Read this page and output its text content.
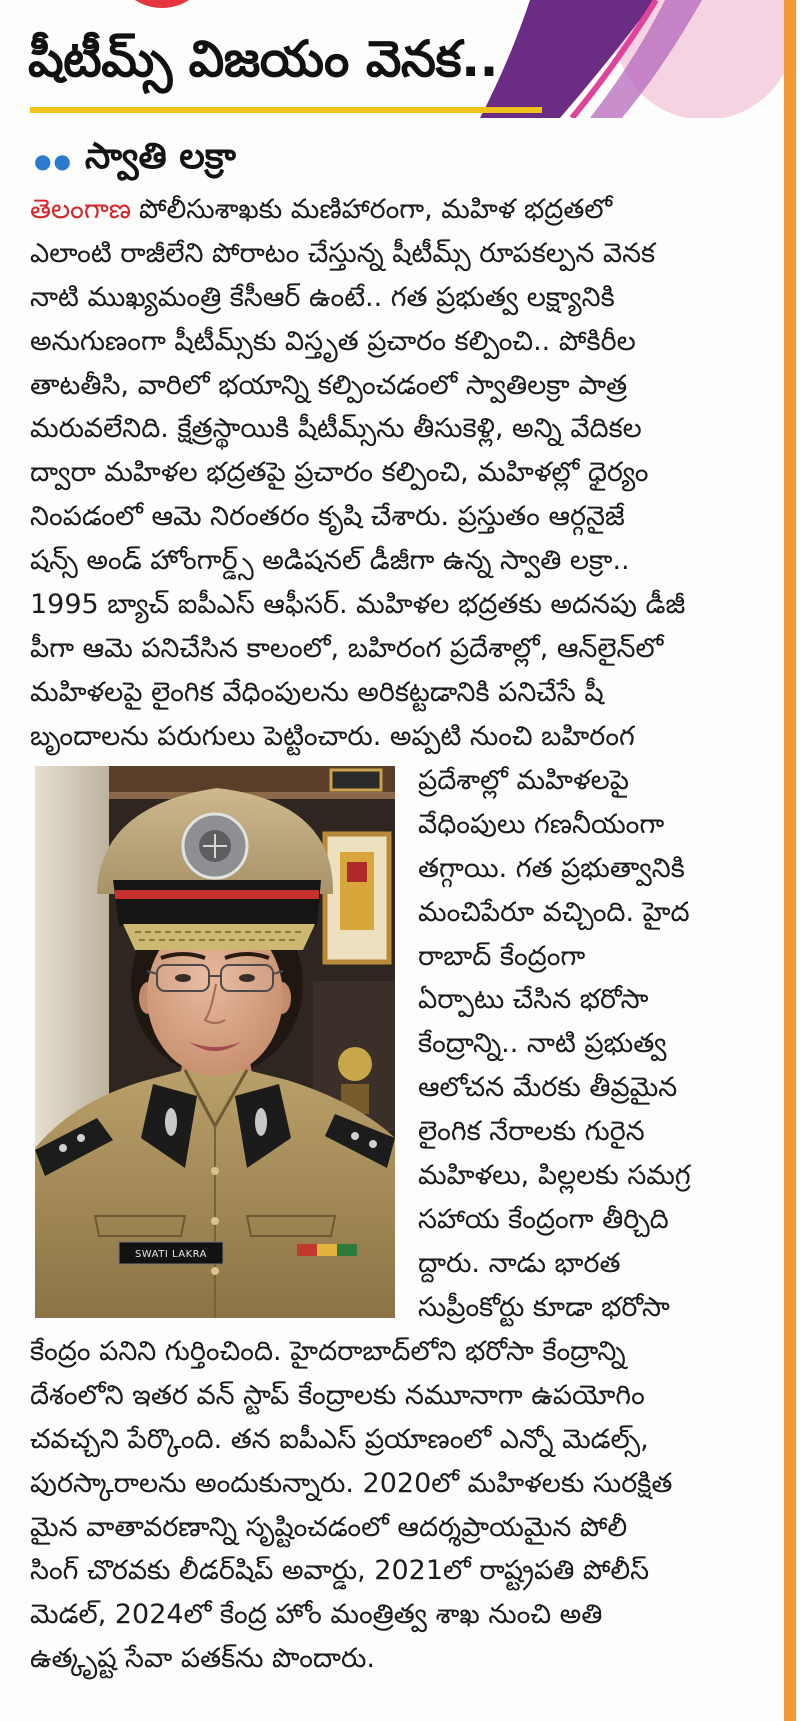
షీటీమ్స్ విజయం వెనక..
●● స్వాతి లక్రా
తెలంగాణ పోలీసుశాఖకు మణిహారంగా, మహిళ భద్రతలో
ఎలాంటి రాజీలేని పోరాటం చేస్తున్న షీటీమ్స్ రూపకల్పన వెనక
నాటి ముఖ్యమంత్రి కేసీఆర్ ఉంటే.. గత ప్రభుత్వ లక్ష్యానికి
అనుగుణంగా షీటీమ్స్‌కు విస్తృత ప్రచారం కల్పించి.. పోకిరీల
తాటతీసి, వారిలో భయాన్ని కల్పించడంలో స్వాతిలక్రా పాత్ర
మరువలేనిది. క్షేత్రస్థాయికి షీటీమ్స్‌ను తీసుకెళ్లి, అన్ని వేదికల
ద్వారా మహిళల భద్రతపై ప్రచారం కల్పించి, మహిళల్లో ధైర్యం
నింపడంలో ఆమె నిరంతరం కృషి చేశారు. ప్రస్తుతం ఆర్గనైజే
షన్స్ అండ్ హోంగార్డ్స్ అడిషనల్ డీజీగా ఉన్న స్వాతి లక్రా..
1995 బ్యాచ్ ఐపీఎస్ ఆఫీసర్. మహిళల భద్రతకు అదనపు డీజీ
పీగా ఆమె పనిచేసిన కాలంలో, బహిరంగ ప్రదేశాల్లో, ఆన్‌లైన్‌లో
మహిళలపై లైంగిక వేధింపులను అరికట్టడానికి పనిచేసే షీ
బృందాలను పరుగులు పెట్టించారు. అప్పటి నుంచి బహిరంగ
SWATI LAKRA
ప్రదేశాల్లో మహిళలపై
వేధింపులు గణనీయంగా
తగ్గాయి. గత ప్రభుత్వానికి
మంచిపేరూ వచ్చింది. హైద
రాబాద్ కేంద్రంగా
ఏర్పాటు చేసిన భరోసా
కేంద్రాన్ని.. నాటి ప్రభుత్వ
ఆలోచన మేరకు తీవ్రమైన
లైంగిక నేరాలకు గురైన
మహిళలు, పిల్లలకు సమగ్ర
సహాయ కేంద్రంగా తీర్చిది
ద్దారు. నాడు భారత
సుప్రీంకోర్టు కూడా భరోసా
కేంద్రం పనిని గుర్తించింది. హైదరాబాద్‌లోని భరోసా కేంద్రాన్ని
దేశంలోని ఇతర వన్ స్టాప్ కేంద్రాలకు నమూనాగా ఉపయోగిం
చవచ్చని పేర్కొంది. తన ఐపీఎస్ ప్రయాణంలో ఎన్నో మెడల్స్,
పురస్కారాలను అందుకున్నారు. 2020లో మహిళలకు సురక్షిత
మైన వాతావరణాన్ని సృష్టించడంలో ఆదర్శప్రాయమైన పోలీ
సింగ్ చొరవకు లీడర్‌షిప్ అవార్డు, 2021లో రాష్ట్రపతి పోలీస్
మెడల్, 2024లో కేంద్ర హోం మంత్రిత్వ శాఖ నుంచి అతి
ఉత్కృష్ట సేవా పతక్‌ను పొందారు.
